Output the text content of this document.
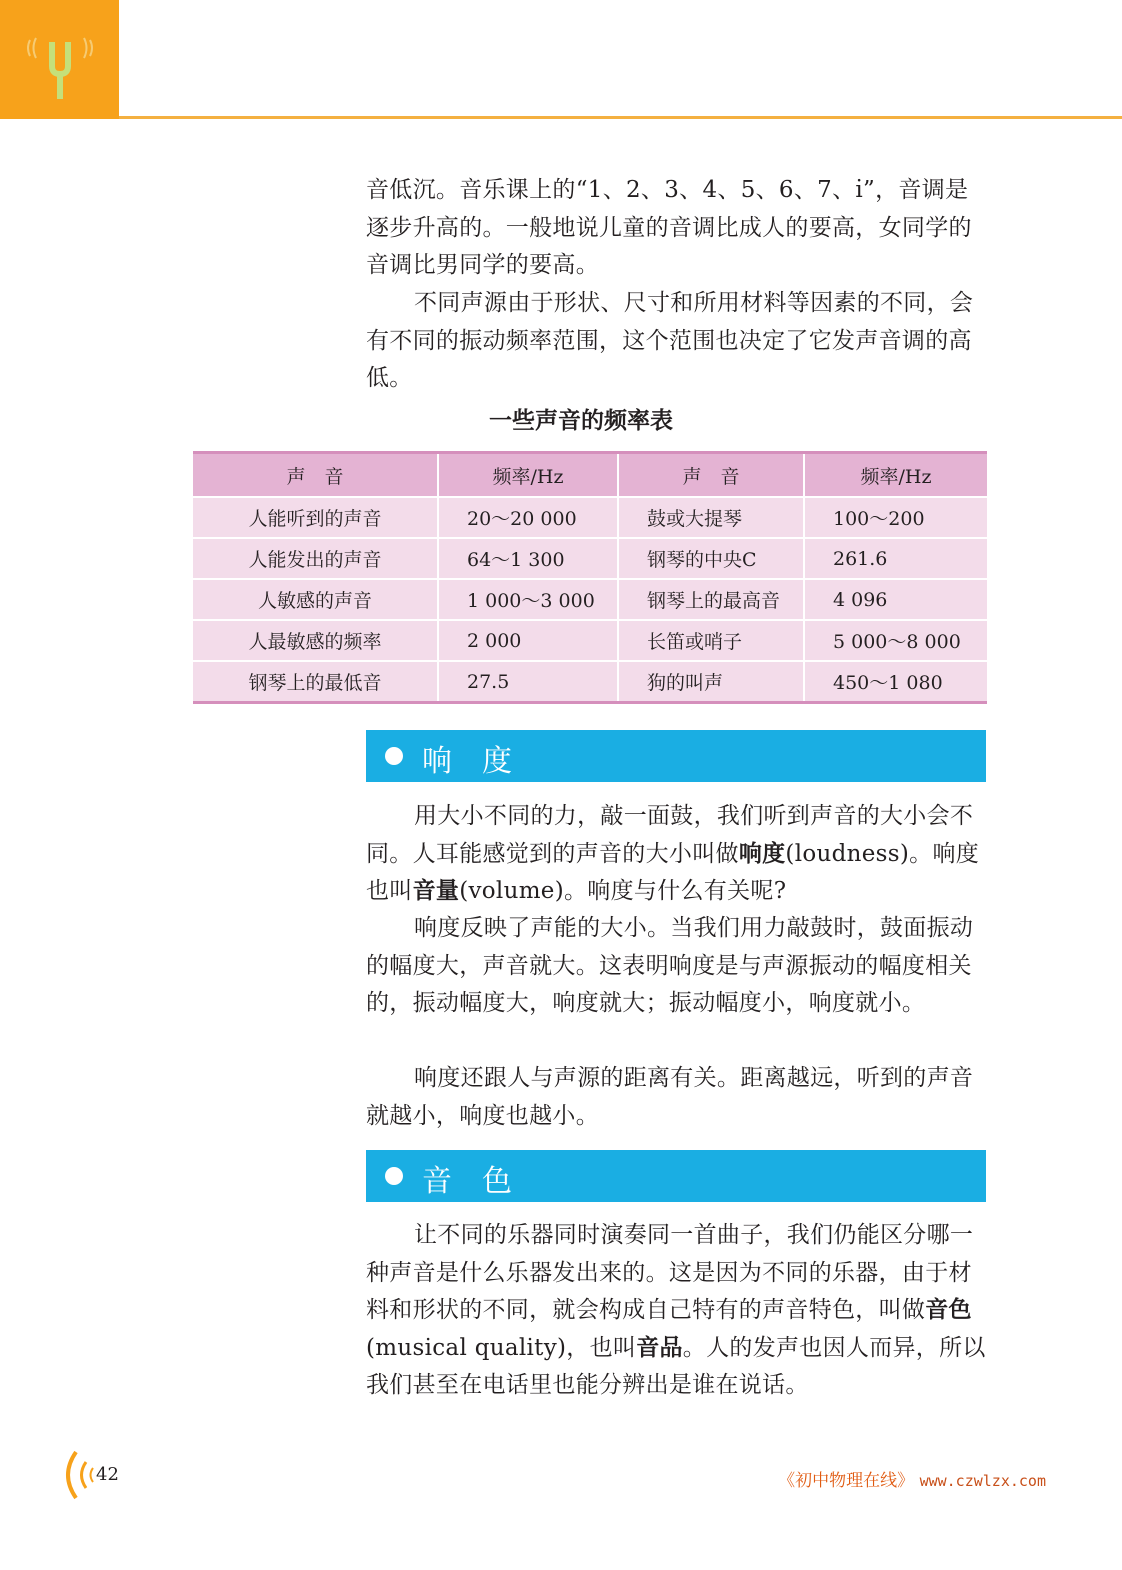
音低沉。音乐课上的“1、2、3、4、5、6、7、i̇”，音调是逐步升高的。一般地说儿童的音调比成人的要高，女同学的音调比男同学的要高。
不同声源由于形状、尺寸和所用材料等因素的不同，会有不同的振动频率范围，这个范围也决定了它发声音调的高低。
一些声音的频率表
声　音	频率/Hz	声　音	频率/Hz
人能听到的声音	20～20 000	鼓或大提琴	100～200
人能发出的声音	64～1 300	钢琴的中央C	261.6
人敏感的声音	1 000～3 000	钢琴上的最高音	4 096
人最敏感的频率	2 000	长笛或哨子	5 000～8 000
钢琴上的最低音	27.5	狗的叫声	450～1 080
响度
用大小不同的力，敲一面鼓，我们听到声音的大小会不同。人耳能感觉到的声音的大小叫做响度(loudness)。响度也叫音量(volume)。响度与什么有关呢?
响度反映了声能的大小。当我们用力敲鼓时，鼓面振动的幅度大，声音就大。这表明响度是与声源振动的幅度相关的，振动幅度大，响度就大；振动幅度小，响度就小。
响度还跟人与声源的距离有关。距离越远，听到的声音就越小，响度也越小。
音色
让不同的乐器同时演奏同一首曲子，我们仍能区分哪一种声音是什么乐器发出来的。这是因为不同的乐器，由于材料和形状的不同，就会构成自己特有的声音特色，叫做音色(musical quality)，也叫音品。人的发声也因人而异，所以我们甚至在电话里也能分辨出是谁在说话。
42	《初中物理在线》 www.czwlzx.com
